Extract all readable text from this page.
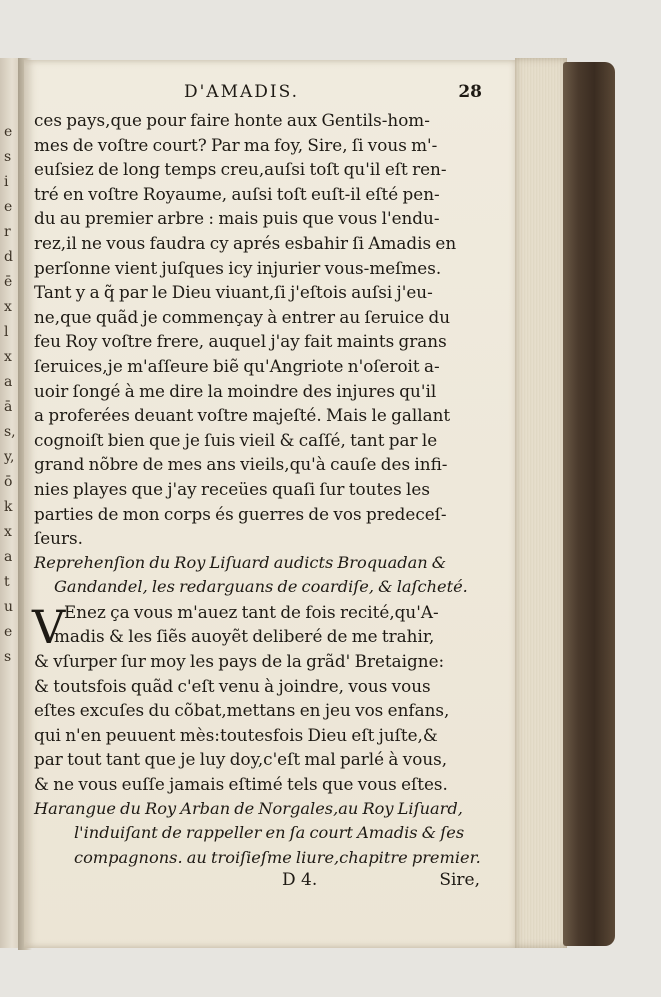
e
s
i
e
r
d
ē
x
l
x
a
ā
s,
y,
ō
k
x
a
t
u
e
s
D'AMADIS.	28
ces pays,que pour faire honte aux Gentils-hom-
mes de voſtre court? Par ma foy, Sire, ſi vous m'-
euſsiez de long temps creu,auſsi toſt qu'il eſt ren-
tré en voſtre Royaume, auſsi toſt euſt-il eſté pen-
du au premier arbre : mais puis que vous l'endu-
rez,il ne vous faudra cy aprés esbahir ſi Amadis en
perſonne vient juſques icy injurier vous-meſmes.
Tant y a q̃ par le Dieu viuant,ſi j'eſtois auſsi j'eu-
ne,que quãd je commençay à entrer au ſeruice du
feu Roy voſtre frere, auquel j'ay fait maints grans
ſeruices,je m'aſſeure biẽ qu'Angriote n'oſeroit a-
uoir ſongé à me dire la moindre des injures qu'il
a proferées deuant voſtre majeſté. Mais le gallant
cognoiſt bien que je ſuis vieil & caſſé, tant par le
grand nõbre de mes ans vieils,qu'à cauſe des infi-
nies playes que j'ay receües quaſi ſur toutes les
parties de mon corps és guerres de vos predeceſ-
ſeurs.
Reprehenſion du Roy Liſuard audicts Broquadan &
Gandandel, les redarguans de coardiſe, & laſcheté.
V
Enez ça vous m'auez tant de fois recité,qu'A-
madis & les ſiẽs auoyẽt deliberé de me trahir,
& vſurper ſur moy les pays de la grãd' Bretaigne:
& toutsfois quãd c'eſt venu à joindre, vous vous
eſtes excuſes du cõbat,mettans en jeu vos enfans,
qui n'en peuuent mès:toutesfois Dieu eſt juſte,&
par tout tant que je luy doy,c'eſt mal parlé à vous,
& ne vous euſſe jamais eſtimé tels que vous eſtes.
Harangue du Roy Arban de Norgales,au Roy Liſuard,
l'induiſant de rappeller en ſa court Amadis & ſes
compagnons. au troiſieſme liure,chapitre premier.
D 4.	Sire,
